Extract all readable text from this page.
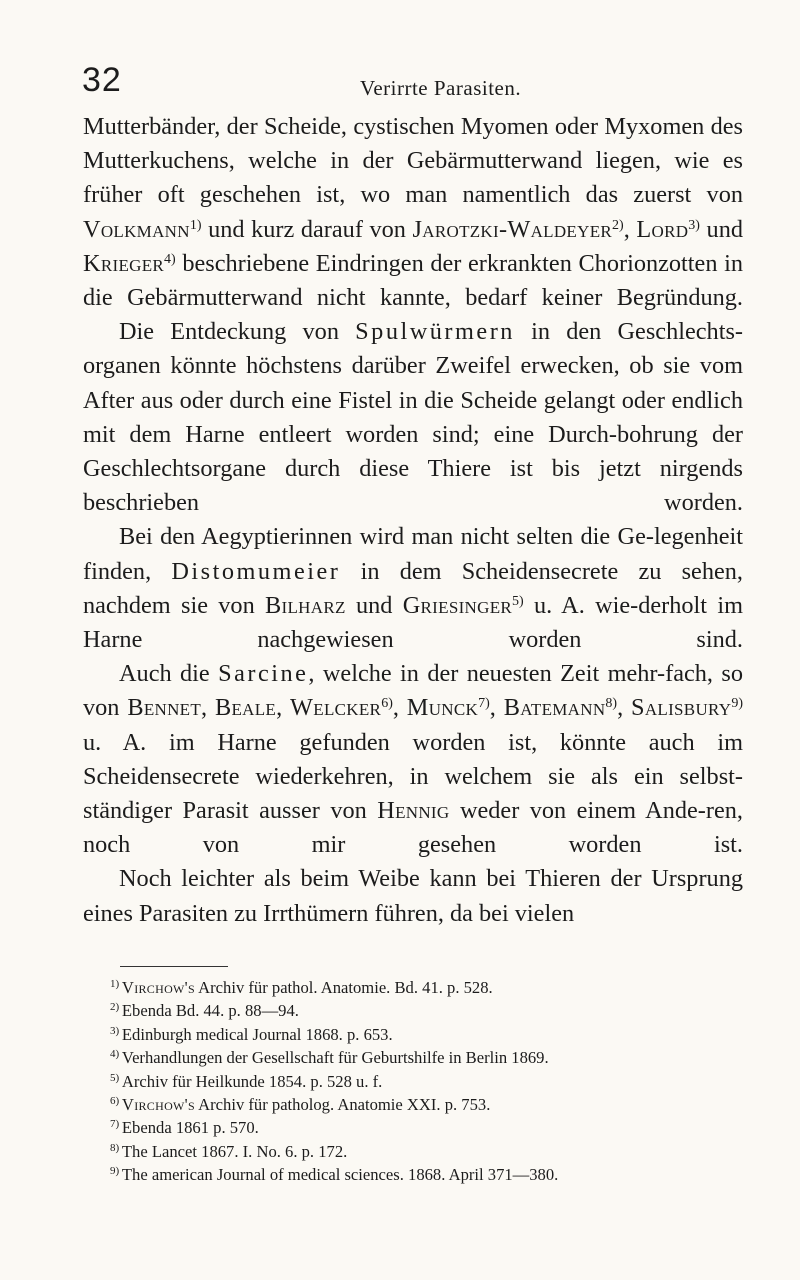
32	Verirrte Parasiten.

Mutterbänder, der Scheide, cystischen Myomen oder Myxomen des Mutterkuchens, welche in der Gebärmutterwand liegen, wie es früher oft geschehen ist, wo man namentlich das zuerst von Volkmann$^{1)}$ und kurz darauf von Jarotzki-Waldeyer$^{2)}$, Lord$^{3)}$ und Krieger$^{4)}$ beschriebene Eindringen der erkrankten Chorionzotten in die Gebärmutterwand nicht kannte, bedarf keiner Begründung.

Die Entdeckung von Spulwürmern in den Geschlechts-organen könnte höchstens darüber Zweifel erwecken, ob sie vom After aus oder durch eine Fistel in die Scheide gelangt oder endlich mit dem Harne entleert worden sind; eine Durch-bohrung der Geschlechtsorgane durch diese Thiere ist bis jetzt nirgends beschrieben worden.

Bei den Aegyptierinnen wird man nicht selten die Ge-legenheit finden, Distomumeier in dem Scheidensecrete zu sehen, nachdem sie von Bilharz und Griesinger$^{5)}$ u. A. wie-derholt im Harne nachgewiesen worden sind.

Auch die Sarcine, welche in der neuesten Zeit mehr-fach, so von Bennet, Beale, Welcker$^{6)}$, Munck$^{7)}$, Batemann$^{8)}$, Salisbury$^{9)}$ u. A. im Harne gefunden worden ist, könnte auch im Scheidensecrete wiederkehren, in welchem sie als ein selbst-ständiger Parasit ausser von Hennig weder von einem Ande-ren, noch von mir gesehen worden ist.

Noch leichter als beim Weibe kann bei Thieren der Ursprung eines Parasiten zu Irrthümern führen, da bei vielen

$^{1)}$ Virchow's Archiv für pathol. Anatomie. Bd. 41. p. 528.
$^{2)}$ Ebenda Bd. 44. p. 88—94.
$^{3)}$ Edinburgh medical Journal 1868. p. 653.
$^{4)}$ Verhandlungen der Gesellschaft für Geburtshilfe in Berlin 1869.
$^{5)}$ Archiv für Heilkunde 1854. p. 528 u. f.
$^{6)}$ Virchow's Archiv für patholog. Anatomie XXI. p. 753.
$^{7)}$ Ebenda 1861 p. 570.
$^{8)}$ The Lancet 1867. I. No. 6. p. 172.
$^{9)}$ The american Journal of medical sciences. 1868. April 371—380.
